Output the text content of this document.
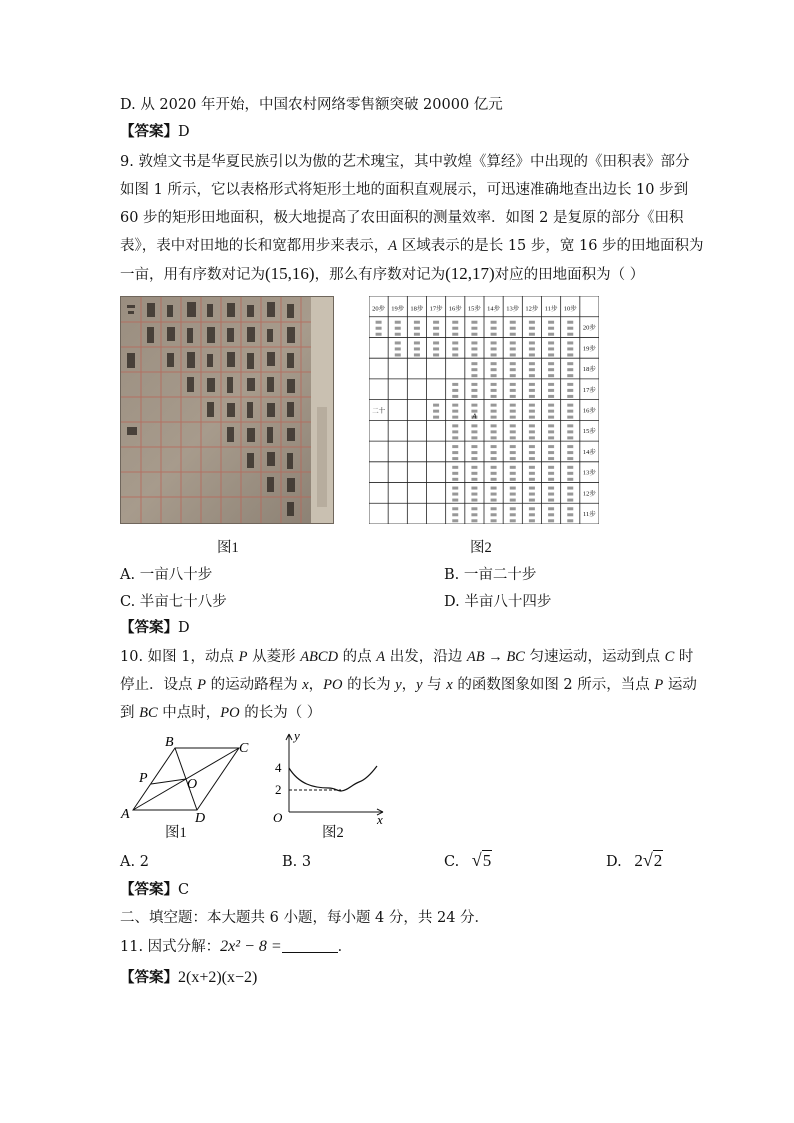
D. 从 2020 年开始，中国农村网络零售额突破 20000 亿元
【答案】D
9. 敦煌文书是华夏民族引以为傲的艺术瑰宝，其中敦煌《算经》中出现的《田积表》部分
如图 1 所示，它以表格形式将矩形土地的面积直观展示，可迅速准确地查出边长 10 步到
60 步的矩形田地面积，极大地提高了农田面积的测量效率．如图 2 是复原的部分《田积
表》，表中对田地的长和宽都用步来表示，A 区域表示的是长 15 步，宽 16 步的田地面积为
一亩，用有序数对记为(15,16)，那么有序数对记为(12,17)对应的田地面积为（ ）
20步 19步 18步 17步 16步 15步 14步 13步 12步 11步 10步
20步
19步
18步
17步
16步
15步
14步
13步
12步
11步
A
二十
图1	图2
A. 一亩八十步	B. 一亩二十步
C. 半亩七十八步	D. 半亩八十四步
【答案】D
10. 如图 1，动点 P 从菱形 ABCD 的点 A 出发，沿边 AB → BC 匀速运动，运动到点 C 时
停止．设点 P 的运动路程为 x，PO 的长为 y，y 与 x 的函数图象如图 2 所示，当点 P 运动
到 BC 中点时，PO 的长为（ ）
A
B	C
D
P	O
图1
y
x
O
4
2
图2
A. 2	B. 3	C. √5	D. 2√2
【答案】C
二、填空题：本大题共 6 小题，每小题 4 分，共 24 分．
11. 因式分解：2x² − 8 =	．
【答案】2(x+2)(x−2)
